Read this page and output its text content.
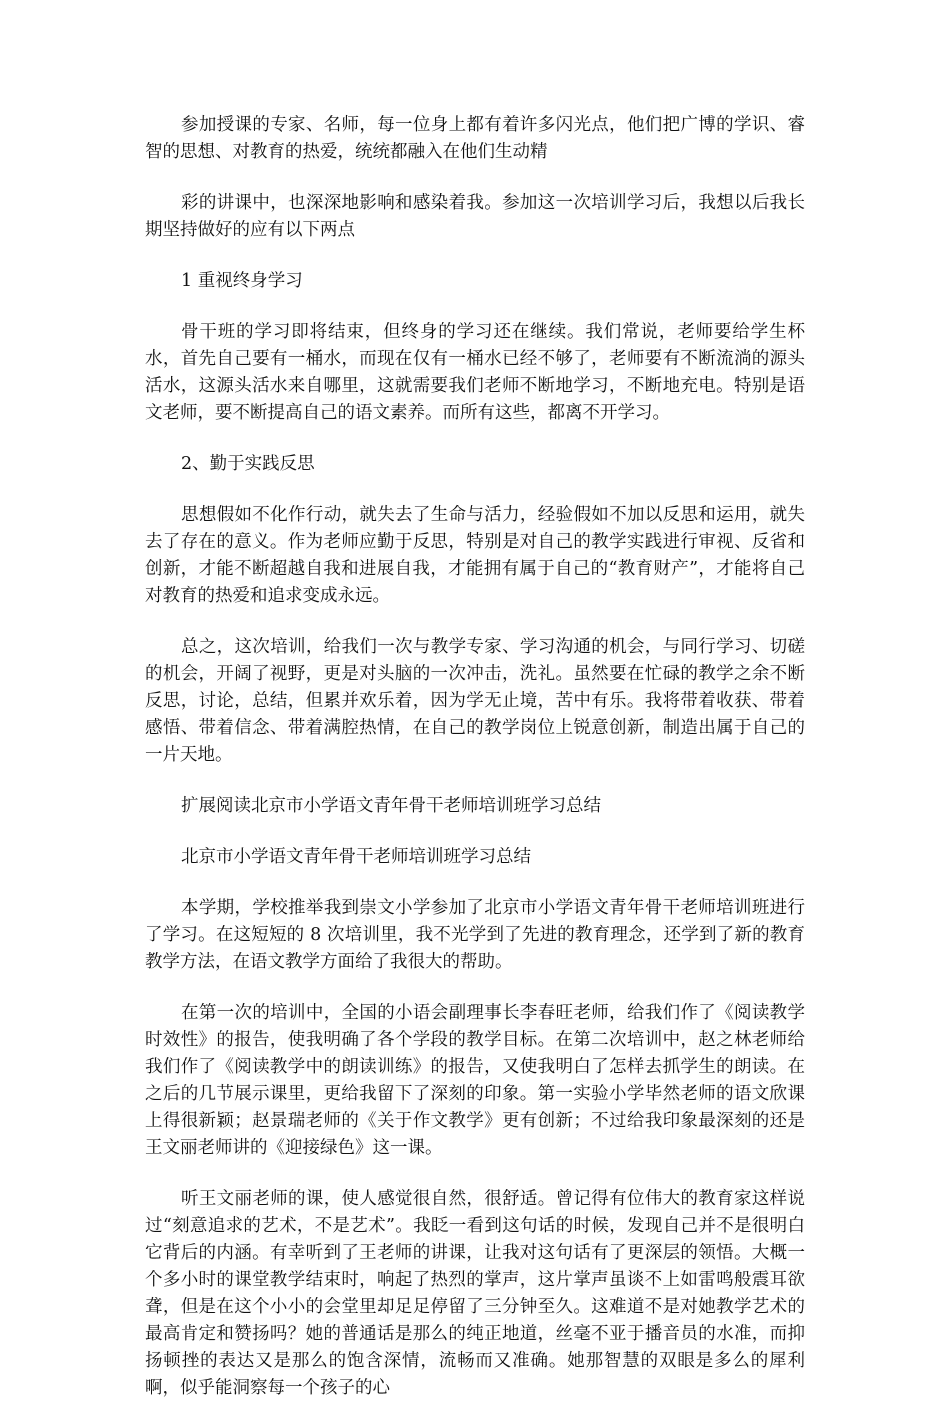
参加授课的专家、名师，每一位身上都有着许多闪光点，他们把广博的学识、睿智的思想、对教育的热爱，统统都融入在他们生动精

彩的讲课中，也深深地影响和感染着我。参加这一次培训学习后，我想以后我长期坚持做好的应有以下两点

1 重视终身学习

骨干班的学习即将结束，但终身的学习还在继续。我们常说，老师要给学生杯水，首先自己要有一桶水，而现在仅有一桶水已经不够了，老师要有不断流淌的源头活水，这源头活水来自哪里，这就需要我们老师不断地学习，不断地充电。特别是语文老师，要不断提高自己的语文素养。而所有这些，都离不开学习。

2、勤于实践反思

思想假如不化作行动，就失去了生命与活力，经验假如不加以反思和运用，就失去了存在的意义。作为老师应勤于反思，特别是对自己的教学实践进行审视、反省和创新，才能不断超越自我和进展自我，才能拥有属于自己的“教育财产”，才能将自己对教育的热爱和追求变成永远。

总之，这次培训，给我们一次与教学专家、学习沟通的机会，与同行学习、切磋的机会，开阔了视野，更是对头脑的一次冲击，洗礼。虽然要在忙碌的教学之余不断反思，讨论，总结，但累并欢乐着，因为学无止境，苦中有乐。我将带着收获、带着感悟、带着信念、带着满腔热情，在自己的教学岗位上锐意创新，制造出属于自己的一片天地。

扩展阅读北京市小学语文青年骨干老师培训班学习总结

北京市小学语文青年骨干老师培训班学习总结

本学期，学校推举我到崇文小学参加了北京市小学语文青年骨干老师培训班进行了学习。在这短短的 8 次培训里，我不光学到了先进的教育理念，还学到了新的教育教学方法，在语文教学方面给了我很大的帮助。

在第一次的培训中，全国的小语会副理事长李春旺老师，给我们作了《阅读教学时效性》的报告，使我明确了各个学段的教学目标。在第二次培训中，赵之林老师给我们作了《阅读教学中的朗读训练》的报告，又使我明白了怎样去抓学生的朗读。在之后的几节展示课里，更给我留下了深刻的印象。第一实验小学毕然老师的语文欣课上得很新颖；赵景瑞老师的《关于作文教学》更有创新；不过给我印象最深刻的还是王文丽老师讲的《迎接绿色》这一课。

听王文丽老师的课，使人感觉很自然，很舒适。曾记得有位伟大的教育家这样说过“刻意追求的艺术，不是艺术”。我眨一看到这句话的时候，发现自己并不是很明白它背后的内涵。有幸听到了王老师的讲课，让我对这句话有了更深层的领悟。大概一个多小时的课堂教学结束时，响起了热烈的掌声，这片掌声虽谈不上如雷鸣般震耳欲聋，但是在这个小小的会堂里却足足停留了三分钟至久。这难道不是对她教学艺术的最高肯定和赞扬吗？她的普通话是那么的纯正地道，丝毫不亚于播音员的水准，而抑扬顿挫的表达又是那么的饱含深情，流畅而又准确。她那智慧的双眼是多么的犀利啊，似乎能洞察每一个孩子的心
